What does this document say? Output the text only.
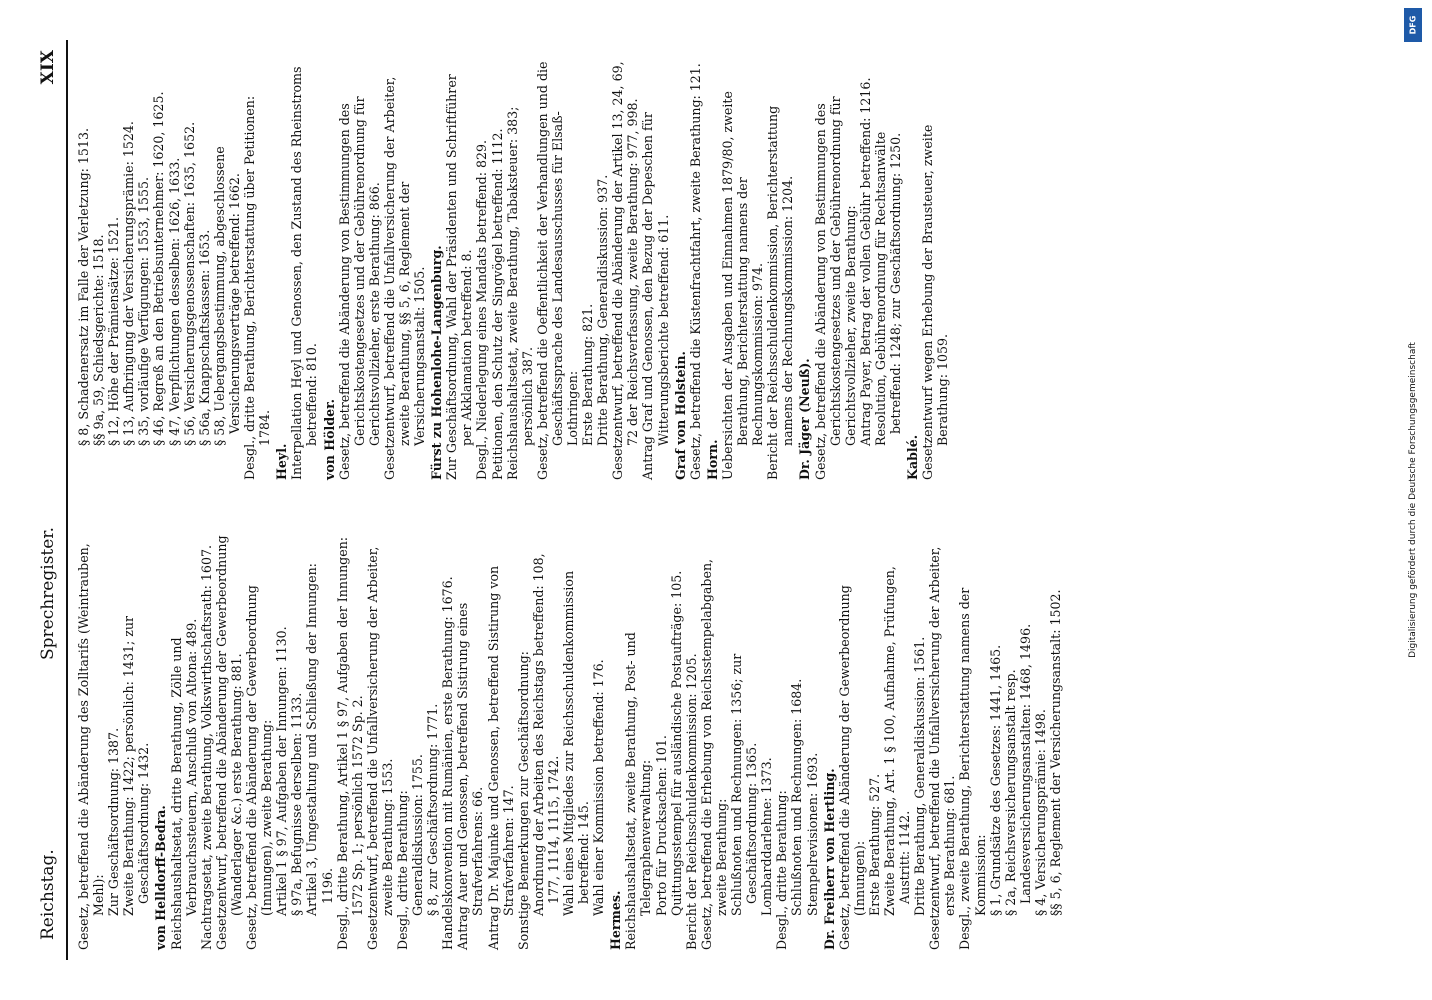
Reichstag.
Sprechregister.
XIX
Gesetz, betreffend die Abänderung des Zolltarifs (Weintrauben, Mehl): Zur Geschäftsordnung: 1387. Zweite Berathung: 1422; persönlich: 1431; zur Geschäftsordnung: 1432. von Helldorff-Bedra. Reichshaushaltsetat, dritte Berathung, Zölle und Verbrauchssteuern, Anschluß von Altona: 489. Nachtragsetat, zweite Berathung, Volkswirthschaftsrath: 1607. Gesetzentwurf, betreffend die Abänderung der Gewerbeordnung (Wanderlager &c.) erste Berathung: 881. Gesetz, betreffend die Abänderung der Gewerbeordnung (Innungen), zweite Berathung: Artikel 1 § 97, Aufgaben der Innungen: 1130. § 97a, Befugnisse derselben: 1133. Artikel 3, Umgestaltung und Schließung der Innungen: 1196. Desgl., dritte Berathung, Artikel 1 § 97, Aufgaben der Innungen: 1572 Sp. 1; persönlich 1572 Sp. 2. Gesetzentwurf, betreffend die Unfallversicherung der Arbeiter, zweite Berathung: 1553. Desgl., dritte Berathung: Generaldiskussion: 1755. § 8, zur Geschäftsordnung: 1771. Handelskonvention mit Rumänien, erste Berathung: 1676. Antrag Auer und Genossen, betreffend Sistirung eines Strafverfahrens: 66. Antrag Dr. Majunke und Genossen, betreffend Sistirung von Strafverfahren: 147. Sonstige Bemerkungen zur Geschäftsordnung: Anordnung der Arbeiten des Reichstags betreffend: 108, 177, 1114, 1115, 1742. Wahl eines Mitgliedes zur Reichsschuldenkommission betreffend: 145. Wahl einer Kommission betreffend: 176.
Hermes. Reichshaushaltsetat, zweite Berathung, Post- und Telegraphenverwaltung: Porto für Drucksachen: 101. Quittungsstempel für ausländische Postaufträge: 105. Bericht der Reichsschuldenkommission: 1205. Gesetz, betreffend die Erhebung von Reichsstempelabgaben, zweite Berathung: Schlußnoten und Rechnungen: 1356; zur Geschäftsordnung: 1365. Lombarddarlehne: 1373. Desgl., dritte Berathung: Schlußnoten und Rechnungen: 1684. Stempelrevisionen: 1693. Dr. Freiherr von Hertling. Gesetz, betreffend die Abänderung der Gewerbeordnung (Innungen): Erste Berathung: 527. Zweite Berathung, Art. 1 § 100, Aufnahme, Prüfungen, Austritt: 1142. Dritte Berathung, Generaldiskussion: 1561. Gesetzentwurf, betreffend die Unfallversicherung der Arbeiter, erste Berathung: 681. Desgl., zweite Berathung, Berichterstattung namens der Kommission: § 1, Grundsätze des Gesetzes: 1441, 1465. § 2a, Reichsversicherungsanstalt resp. Landesversicherungsanstalten: 1468, 1496. § 4, Versicherungsprämie: 1498. §§ 5, 6, Reglement der Versicherungsanstalt: 1502.
§ 8, Schadenersatz im Falle der Verletzung: 1513. §§ 9a, 59, Schiedsgerichte: 1518. § 12, Höhe der Prämiensätze: 1521. § 13, Aufbringung der Versicherungsprämie: 1524. § 35, vorläufige Verfügungen: 1553, 1555. § 46, Regreß an den Betriebsunternehmer: 1620, 1625. § 47, Verpflichtungen desselben: 1626, 1633. § 56, Versicherungsgenossenschaften: 1635, 1652. § 56a, Knappschaftskassen: 1653. § 58, Uebergangsbestimmung, abgeschlossene Versicherungsverträge betreffend: 1662. Desgl., dritte Berathung, Berichterstattung über Petitionen: 1784.
Heyl. Interpellation Heyl und Genossen, den Zustand des Rheinstroms betreffend: 810. von Hölder. Gesetz, betreffend die Abänderung von Bestimmungen des Gerichtskostengesetzes und der Gebührenordnung für Gerichtsvollzieher, erste Berathung: 866. Gesetzentwurf, betreffend die Unfallversicherung der Arbeiter, zweite Berathung, §§ 5, 6, Reglement der Versicherungsanstalt: 1505. Fürst zu Hohenlohe-Langenburg. Zur Geschäftsordnung, Wahl der Präsidenten und Schriftführer per Akklamation betreffend: 8. Desgl., Niederlegung eines Mandats betreffend: 829. Petitionen, den Schutz der Singvögel betreffend: 1112. Reichshaushaltsetat, zweite Berathung, Tabaksteuer: 383; persönlich 387. Gesetz, betreffend die Oeffentlichkeit der Verhandlungen und die Geschäftssprache des Landesausschusses für Elsaß-Lothringen: Erste Berathung: 821. Dritte Berathung, Generaldiskussion: 937. Gesetzentwurf, betreffend die Abänderung der Artikel 13, 24, 69, 72 der Reichsverfassung, zweite Berathung: 977, 998. Antrag Graf und Genossen, den Bezug der Depeschen für Witterungsberichte betreffend: 611. Graf von Holstein. Gesetz, betreffend die Küstenfrachtfahrt, zweite Berathung: 121. Horn. Uebersichten der Ausgaben und Einnahmen 1879/80, zweite Berathung, Berichterstattung namens der Rechnungskommission: 974. Bericht der Reichsschuldenkommission, Berichterstattung namens der Rechnungskommission: 1204. Dr. Jäger (Neuß). Gesetz, betreffend die Abänderung von Bestimmungen des Gerichtskostengesetzes und der Gebührenordnung für Gerichtsvollzieher, zweite Berathung: Antrag Payer, Betrag der vollen Gebühr betreffend: 1216. Resolution, Gebührenordnung für Rechtsanwälte betreffend: 1248; zur Geschäftsordnung: 1250.
Kablé. Gesetzentwurf wegen Erhebung der Brausteuer, zweite Berathung: 1059.
DFG
Digitalisierung gefördert durch die Deutsche Forschungsgemeinschaft
